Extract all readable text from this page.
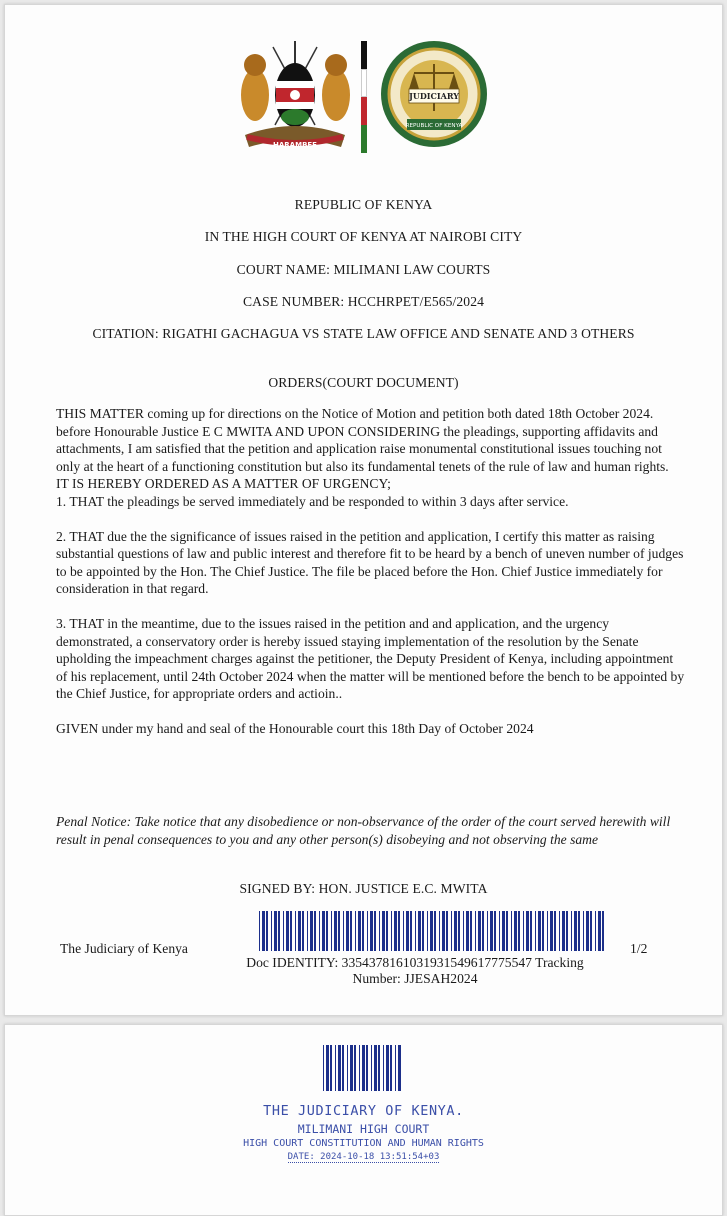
HARAMBEE
JUDICIARY
REPUBLIC OF KENYA
REPUBLIC OF KENYA
IN THE HIGH COURT OF KENYA AT NAIROBI CITY
COURT NAME: MILIMANI LAW COURTS
CASE NUMBER: HCCHRPET/E565/2024
CITATION: RIGATHI GACHAGUA VS STATE LAW OFFICE AND SENATE AND 3 OTHERS
ORDERS(COURT DOCUMENT)

THIS MATTER coming up for directions on the Notice of Motion and petition both dated 18th October 2024. before Honourable Justice E C MWITA AND UPON CONSIDERING the pleadings, supporting affidavits and attachments, I am satisfied that the petition and application raise monumental constitutional issues touching not only at the heart of a functioning constitution but also its fundamental tenets of the rule of law and human rights.

IT IS HEREBY ORDERED AS A MATTER OF URGENCY;

1. THAT the pleadings be served immediately and be responded to within 3 days after service.

2. THAT due the the significance of issues raised in the petition and application, I certify this matter as raising substantial questions of law and public interest and therefore fit to be heard by a bench of uneven number of judges to be appointed by the Hon. The Chief Justice. The file be placed before the Hon. Chief Justice immediately for consideration in that regard.

3. THAT in the meantime, due to the issues raised in the petition and and application, and the urgency demonstrated, a conservatory order is hereby issued staying implementation of the resolution by the Senate upholding the impeachment charges against the petitioner, the Deputy President of Kenya, including appointment of his replacement, until 24th October 2024 when the matter will be mentioned before the bench to be appointed by the Chief Justice, for appropriate orders and actioin..

GIVEN under my hand and seal of the Honourable court this 18th Day of October 2024

Penal Notice: Take notice that any disobedience or non-observance of the order of the court served herewith will result in penal consequences to you and any other person(s) disobeying and not observing the same
SIGNED BY: HON. JUSTICE E.C. MWITA
The Judiciary of Kenya
Doc IDENTITY: 3354378161031931549617775547 Tracking Number: JJESAH2024
1/2
THE JUDICIARY OF KENYA.
MILIMANI HIGH COURT
HIGH COURT CONSTITUTION AND HUMAN RIGHTS
DATE: 2024-10-18 13:51:54+03
